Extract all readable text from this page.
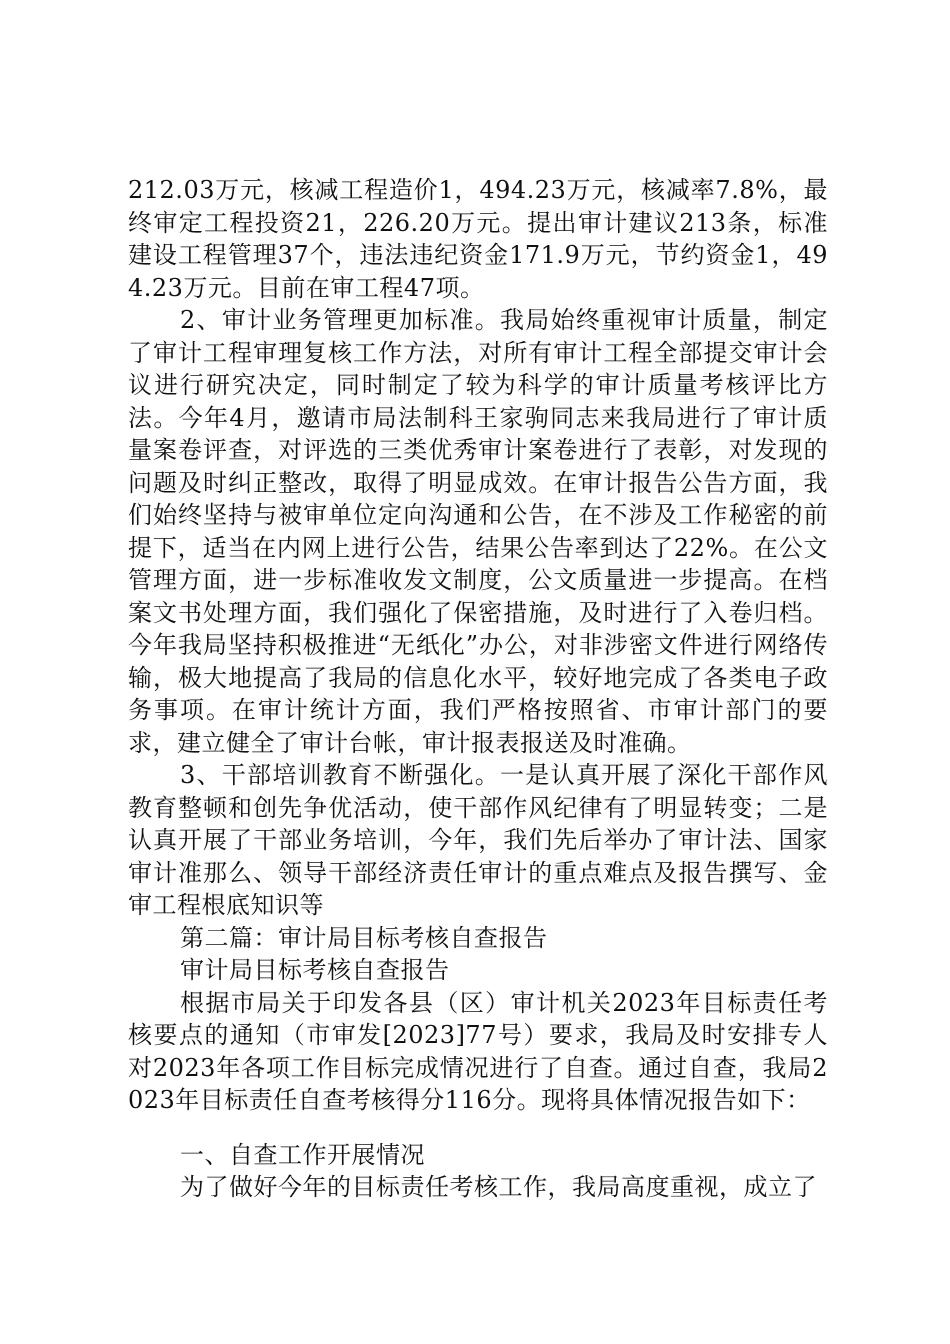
212.03万元，核减工程造价1，494.23万元，核减率7.8%，最终审定工程投资21，226.20万元。提出审计建议213条，标准建设工程管理37个，违法违纪资金171.9万元，节约资金1，494.23万元。目前在审工程47项。

2、审计业务管理更加标准。我局始终重视审计质量，制定了审计工程审理复核工作方法，对所有审计工程全部提交审计会议进行研究决定，同时制定了较为科学的审计质量考核评比方法。今年4月，邀请市局法制科王家驹同志来我局进行了审计质量案卷评查，对评选的三类优秀审计案卷进行了表彰，对发现的问题及时纠正整改，取得了明显成效。在审计报告公告方面，我们始终坚持与被审单位定向沟通和公告，在不涉及工作秘密的前提下，适当在内网上进行公告，结果公告率到达了22%。在公文管理方面，进一步标准收发文制度，公文质量进一步提高。在档案文书处理方面，我们强化了保密措施，及时进行了入卷归档。今年我局坚持积极推进“无纸化”办公，对非涉密文件进行网络传输，极大地提高了我局的信息化水平，较好地完成了各类电子政务事项。在审计统计方面，我们严格按照省、市审计部门的要求，建立健全了审计台帐，审计报表报送及时准确。

3、干部培训教育不断强化。一是认真开展了深化干部作风教育整顿和创先争优活动，使干部作风纪律有了明显转变；二是认真开展了干部业务培训，今年，我们先后举办了审计法、国家审计准那么、领导干部经济责任审计的重点难点及报告撰写、金审工程根底知识等

第二篇：审计局目标考核自查报告

审计局目标考核自查报告

根据市局关于印发各县（区）审计机关2023年目标责任考核要点的通知（市审发[2023]77号）要求，我局及时安排专人对2023年各项工作目标完成情况进行了自查。通过自查，我局2023年目标责任自查考核得分116分。现将具体情况报告如下：

一、自查工作开展情况

为了做好今年的目标责任考核工作，我局高度重视，成立了
